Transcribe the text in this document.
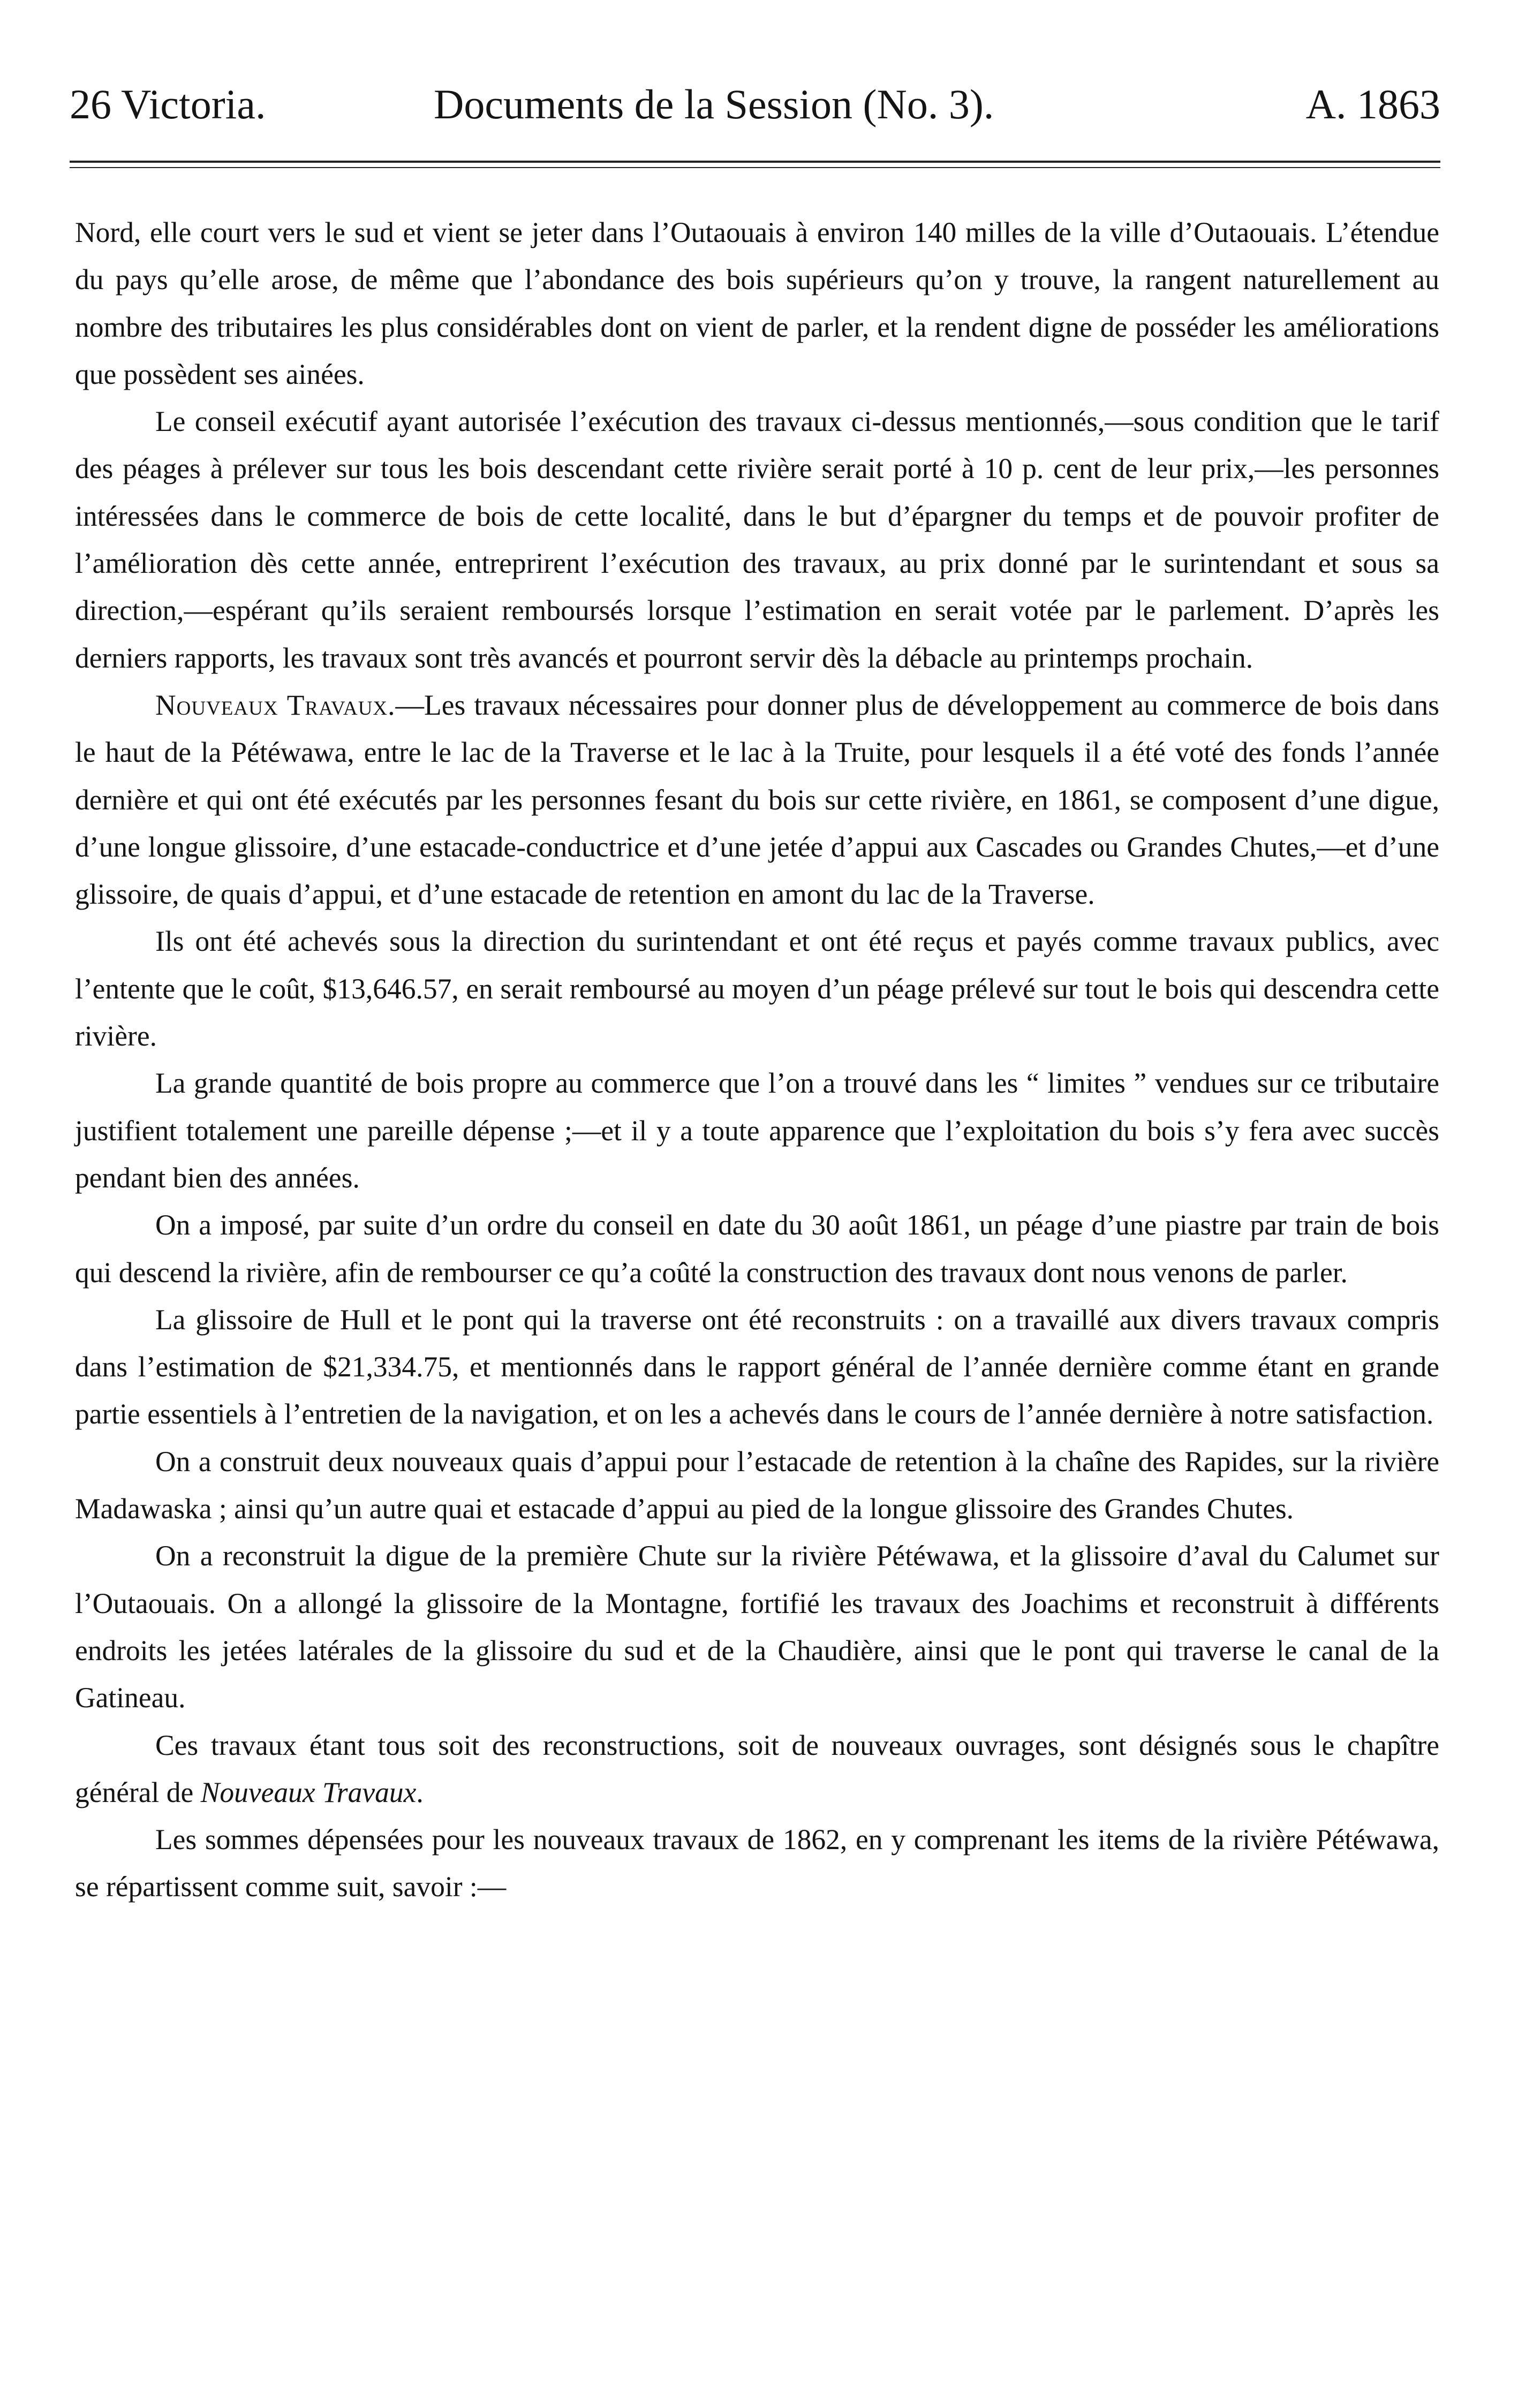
26 Victoria.	Documents de la Session (No. 3).	A. 1863

Nord, elle court vers le sud et vient se jeter dans l’Outaouais à environ 140 milles de la ville d’Outaouais. L’étendue du pays qu’elle arose, de même que l’abondance des bois supérieurs qu’on y trouve, la rangent naturellement au nombre des tributaires les plus considérables dont on vient de parler, et la rendent digne de posséder les améliorations que possèdent ses ainées.

Le conseil exécutif ayant autorisée l’exécution des travaux ci-dessus mentionnés,—sous condition que le tarif des péages à prélever sur tous les bois descendant cette rivière serait porté à 10 p. cent de leur prix,—les personnes intéressées dans le commerce de bois de cette localité, dans le but d’épargner du temps et de pouvoir profiter de l’amélioration dès cette année, entreprirent l’exécution des travaux, au prix donné par le surintendant et sous sa direction,—espérant qu’ils seraient remboursés lorsque l’estimation en serait votée par le parlement. D’après les derniers rapports, les travaux sont très avancés et pourront servir dès la débacle au printemps prochain.

Nouveaux Travaux.—Les travaux nécessaires pour donner plus de développement au commerce de bois dans le haut de la Pétéwawa, entre le lac de la Traverse et le lac à la Truite, pour lesquels il a été voté des fonds l’année dernière et qui ont été exécutés par les personnes fesant du bois sur cette rivière, en 1861, se composent d’une digue, d’une longue glissoire, d’une estacade-conductrice et d’une jetée d’appui aux Cascades ou Grandes Chutes,—et d’une glissoire, de quais d’appui, et d’une estacade de retention en amont du lac de la Traverse.

Ils ont été achevés sous la direction du surintendant et ont été reçus et payés comme travaux publics, avec l’entente que le coût, $13,646.57, en serait remboursé au moyen d’un péage prélevé sur tout le bois qui descendra cette rivière.

La grande quantité de bois propre au commerce que l’on a trouvé dans les “ limites ” vendues sur ce tributaire justifient totalement une pareille dépense ;—et il y a toute apparence que l’exploitation du bois s’y fera avec succès pendant bien des années.

On a imposé, par suite d’un ordre du conseil en date du 30 août 1861, un péage d’une piastre par train de bois qui descend la rivière, afin de rembourser ce qu’a coûté la construction des travaux dont nous venons de parler.

La glissoire de Hull et le pont qui la traverse ont été reconstruits : on a travaillé aux divers travaux compris dans l’estimation de $21,334.75, et mentionnés dans le rapport général de l’année dernière comme étant en grande partie essentiels à l’entretien de la navigation, et on les a achevés dans le cours de l’année dernière à notre satisfaction.

On a construit deux nouveaux quais d’appui pour l’estacade de retention à la chaîne des Rapides, sur la rivière Madawaska ; ainsi qu’un autre quai et estacade d’appui au pied de la longue glissoire des Grandes Chutes.

On a reconstruit la digue de la première Chute sur la rivière Pétéwawa, et la glissoire d’aval du Calumet sur l’Outaouais. On a allongé la glissoire de la Montagne, fortifié les travaux des Joachims et reconstruit à différents endroits les jetées latérales de la glissoire du sud et de la Chaudière, ainsi que le pont qui traverse le canal de la Gatineau.

Ces travaux étant tous soit des reconstructions, soit de nouveaux ouvrages, sont désignés sous le chapître général de Nouveaux Travaux.

Les sommes dépensées pour les nouveaux travaux de 1862, en y comprenant les items de la rivière Pétéwawa, se répartissent comme suit, savoir :—
